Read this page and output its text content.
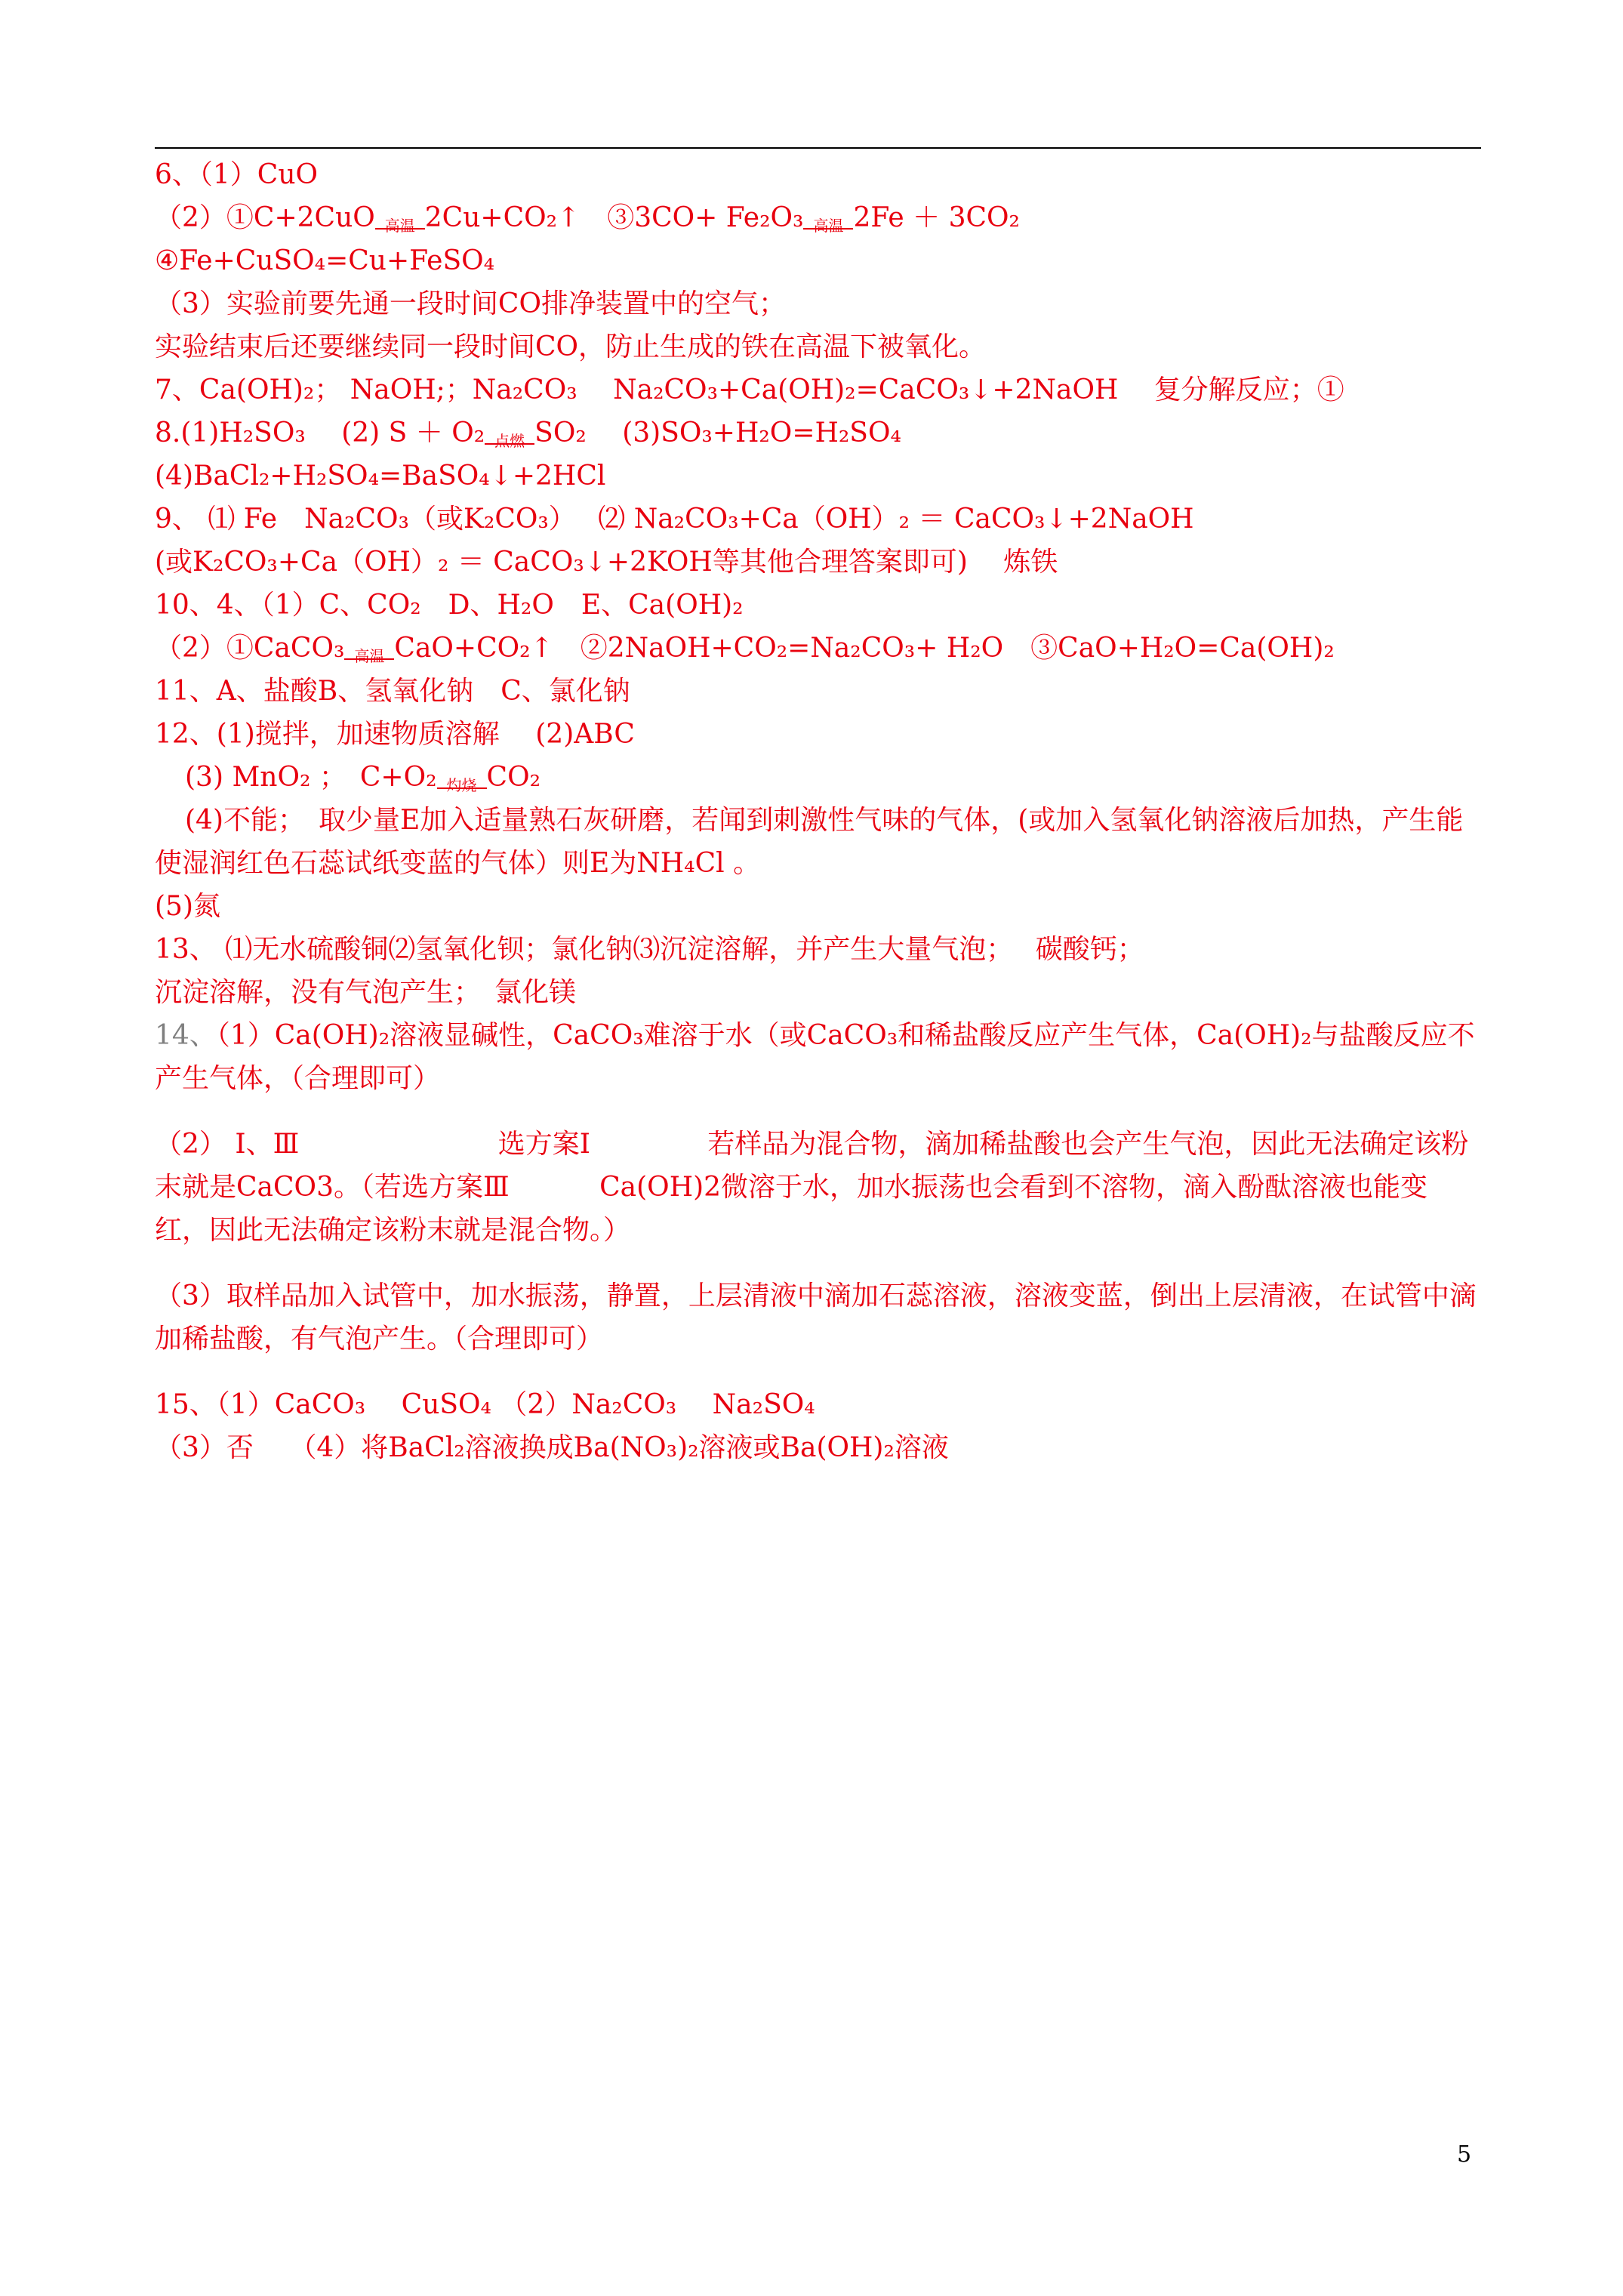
6、（1）CuO
（2）①C+2CuO 高温 2Cu+CO₂↑　③3CO+ Fe₂O₃ 高温 2Fe ＋ 3CO₂
④Fe+CuSO₄=Cu+FeSO₄
（3）实验前要先通一段时间CO排净装置中的空气；
实验结束后还要继续同一段时间CO，防止生成的铁在高温下被氧化。
7、Ca(OH)₂； NaOH;；Na₂CO₃　 Na₂CO₃+Ca(OH)₂=CaCO₃↓+2NaOH　 复分解反应；①
8.(1)H₂SO₃　 (2) S ＋ O₂ 点燃 SO₂　 (3)SO₃+H₂O=H₂SO₄
(4)BaCl₂+H₂SO₄=BaSO₄↓+2HCl
9、 ⑴ Fe　Na₂CO₃（或K₂CO₃）　 ⑵ Na₂CO₃+Ca（OH）₂ ＝ CaCO₃↓+2NaOH
(或K₂CO₃+Ca（OH）₂ ＝ CaCO₃↓+2KOH等其他合理答案即可)　 炼铁
10、4、（1）C、CO₂　D、H₂O　E、Ca(OH)₂
（2）①CaCO₃ 高温 CaO+CO₂↑　②2NaOH+CO₂=Na₂CO₃+ H₂O　③CaO+H₂O=Ca(OH)₂
11、A、盐酸B、氢氧化钠　C、氯化钠
12、(1)搅拌，加速物质溶解　 (2)ABC
(3) MnO₂ ；　C+O₂ 灼烧 CO₂
(4)不能；　取少量E加入适量熟石灰研磨，若闻到刺激性气味的气体，(或加入氢氧化钠溶液后加热，产生能使湿润红色石蕊试纸变蓝的气体）则E为NH₄Cl 。
(5)氮
13、 ⑴无水硫酸铜⑵氢氧化钡；氯化钠⑶沉淀溶解，并产生大量气泡；　 碳酸钙；
沉淀溶解，没有气泡产生；　氯化镁
14、（1）Ca(OH)₂溶液显碱性，CaCO₃难溶于水（或CaCO₃和稀盐酸反应产生气体，Ca(OH)₂与盐酸反应不产生气体，（合理即可）
（2） Ⅰ、Ⅲ　　　　　　　 选方案Ⅰ　　　　 若样品为混合物，滴加稀盐酸也会产生气泡，因此无法确定该粉末就是CaCO3。（若选方案Ⅲ　　　 Ca(OH)2微溶于水，加水振荡也会看到不溶物，滴入酚酞溶液也能变红，因此无法确定该粉末就是混合物。）
（3）取样品加入试管中，加水振荡，静置，上层清液中滴加石蕊溶液，溶液变蓝，倒出上层清液，在试管中滴加稀盐酸，有气泡产生。（合理即可）
15、（1）CaCO₃　 CuSO₄ （2）Na₂CO₃　 Na₂SO₄
（3）否　 （4）将BaCl₂溶液换成Ba(NO₃)₂溶液或Ba(OH)₂溶液
5
